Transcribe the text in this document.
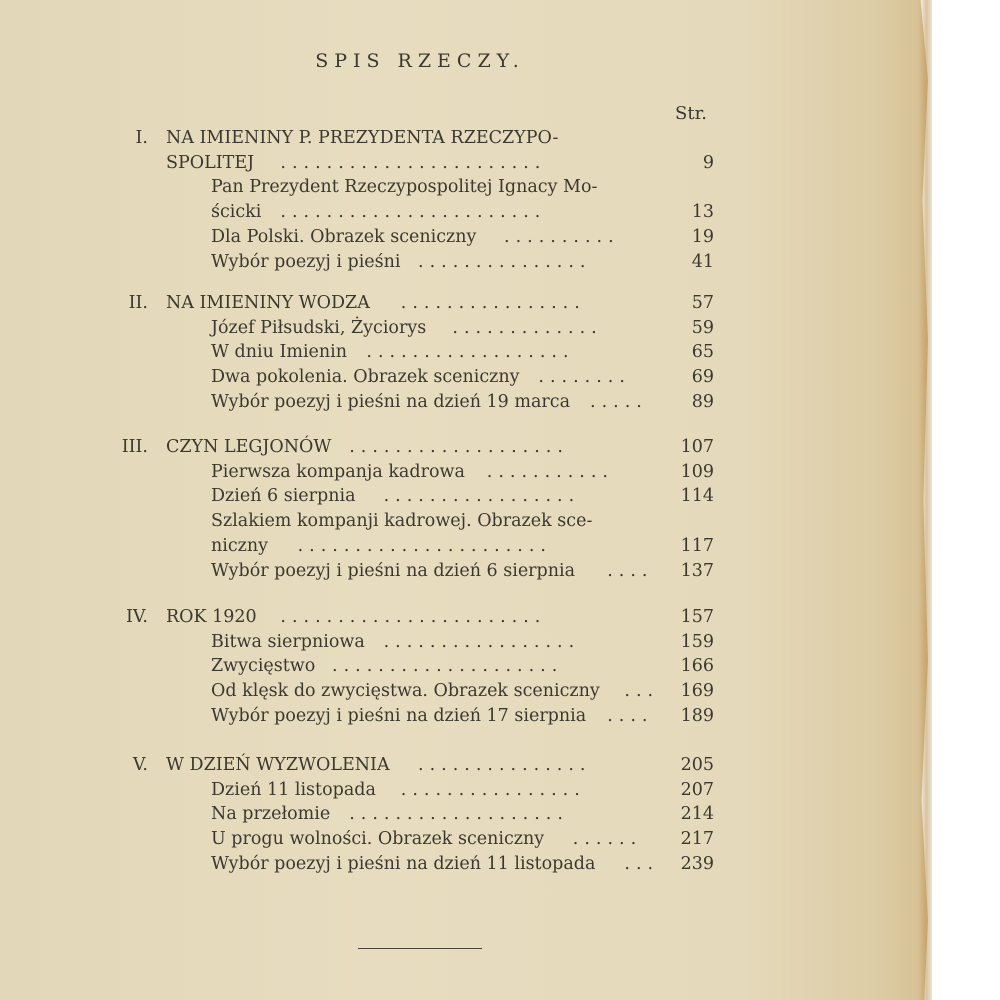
SPIS RZECZY.
Str.
I. NA IMIENINY P. PREZYDENTA RZECZYPO-
SPOLITEJ .......................	9
Pan Prezydent Rzeczypospolitej Ignacy Mo-
ścicki .......................	13
Dla Polski. Obrazek sceniczny ..........	19
Wybór poezyj i pieśni ...............	41
II. NA IMIENINY WODZA ................	57
Józef Piłsudski, Życiorys .............	59
W dniu Imienin ..................	65
Dwa pokolenia. Obrazek sceniczny ........	69
Wybór poezyj i pieśni na dzień 19 marca .....	89
III. CZYN LEGJONÓW ...................	107
Pierwsza kompanja kadrowa ...........	109
Dzień 6 sierpnia .................	114
Szlakiem kompanji kadrowej. Obrazek sce-
niczny ......................	117
Wybór poezyj i pieśni na dzień 6 sierpnia .... 137
IV. ROK 1920 .......................	157
Bitwa sierpniowa .................	159
Zwycięstwo ....................	166
Od klęsk do zwycięstwa. Obrazek sceniczny ... 169
Wybór poezyj i pieśni na dzień 17 sierpnia .... 189
V. W DZIEŃ WYZWOLENIA ...............	205
Dzień 11 listopada ................	207
Na przełomie ...................	214
U progu wolności. Obrazek sceniczny ...... 217
Wybór poezyj i pieśni na dzień 11 listopada ... 239
